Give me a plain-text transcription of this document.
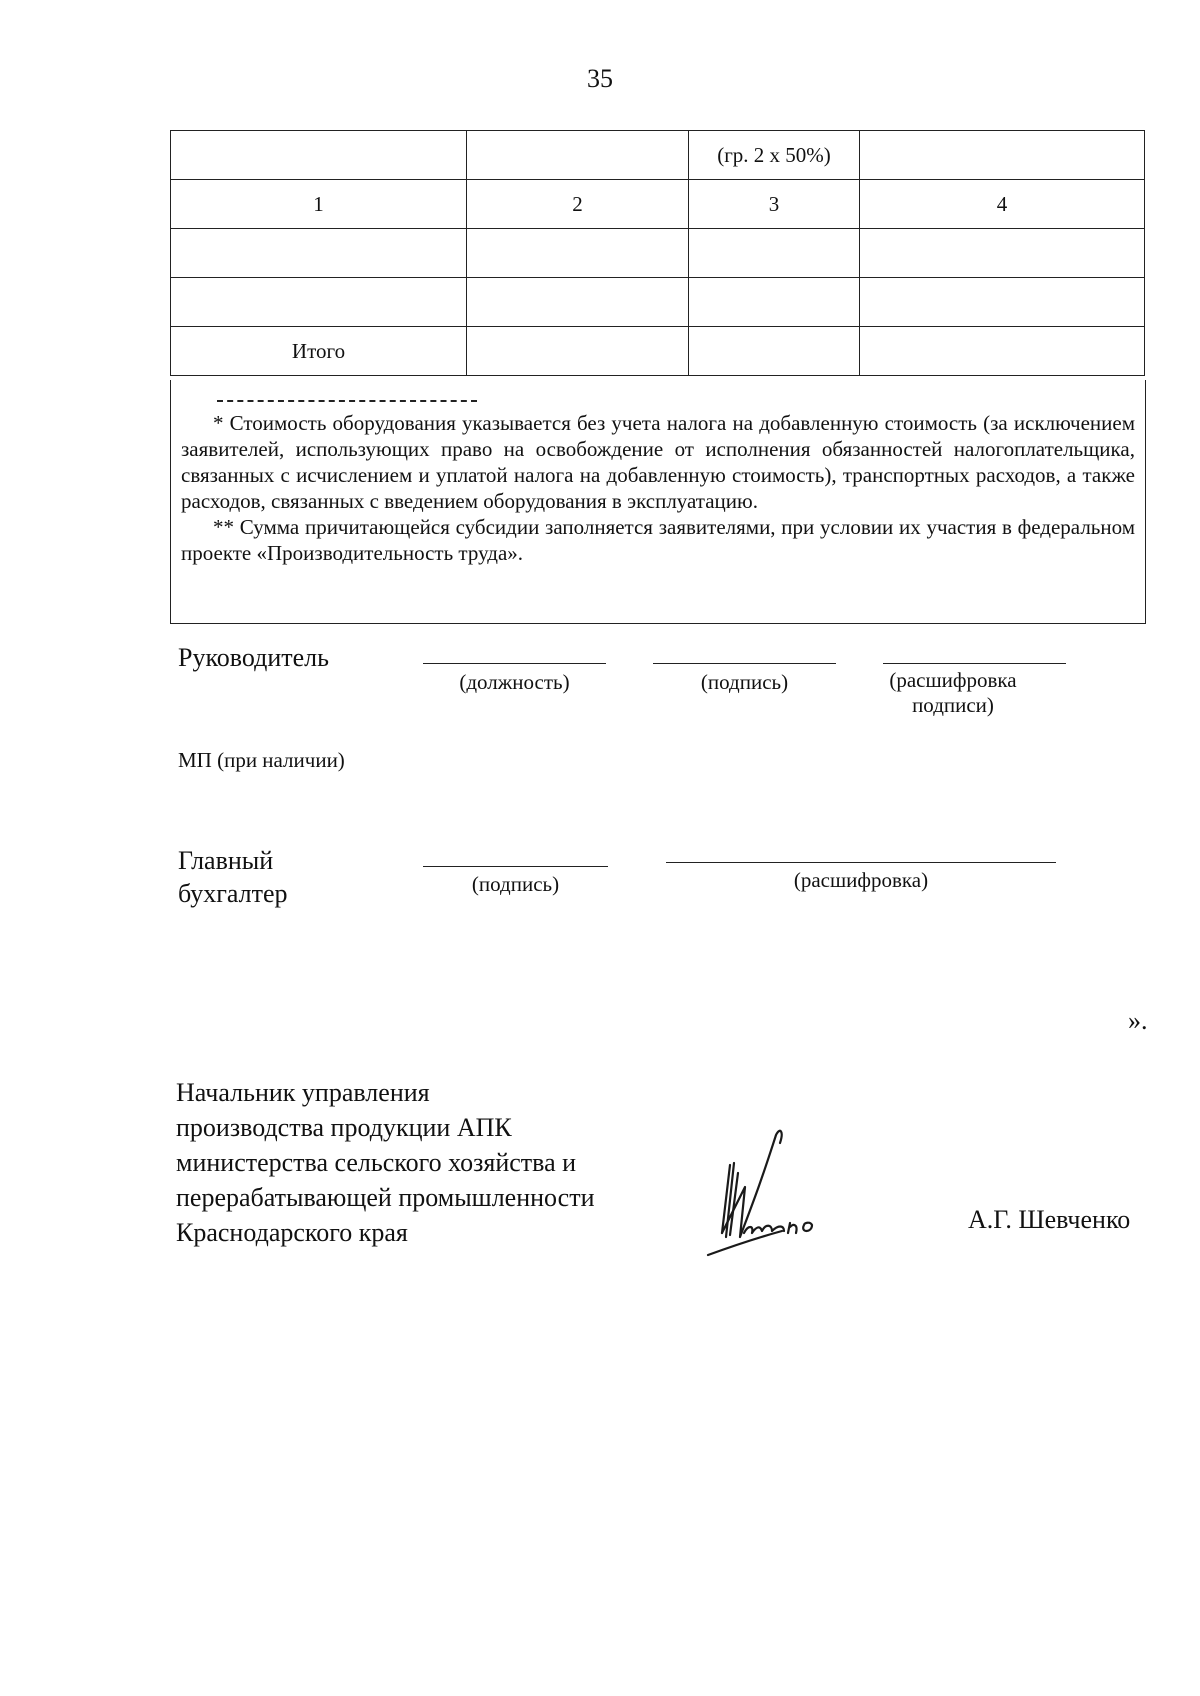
35
		(гр. 2 х 50%)	
1	2	3	4

Итого			

* Стоимость оборудования указывается без учета налога на добавленную стоимость (за исключением заявителей, использующих право на освобождение от исполнения обязанностей налогоплательщика, связанных с исчислением и уплатой налога на добавленную стоимость), транспортных расходов, а также расходов, связанных с введением оборудования в эксплуатацию.

** Сумма причитающейся субсидии заполняется заявителями, при условии их участия в федеральном проекте «Производительность труда».

Руководитель
(должность)	(подпись)	(расшифровка подписи)
МП (при наличии)
Главный
бухгалтер	(подпись)	(расшифровка)
».
Начальник управления
производства продукции АПК
министерства сельского хозяйства и
перерабатывающей промышленности
Краснодарского края	А.Г. Шевченко
